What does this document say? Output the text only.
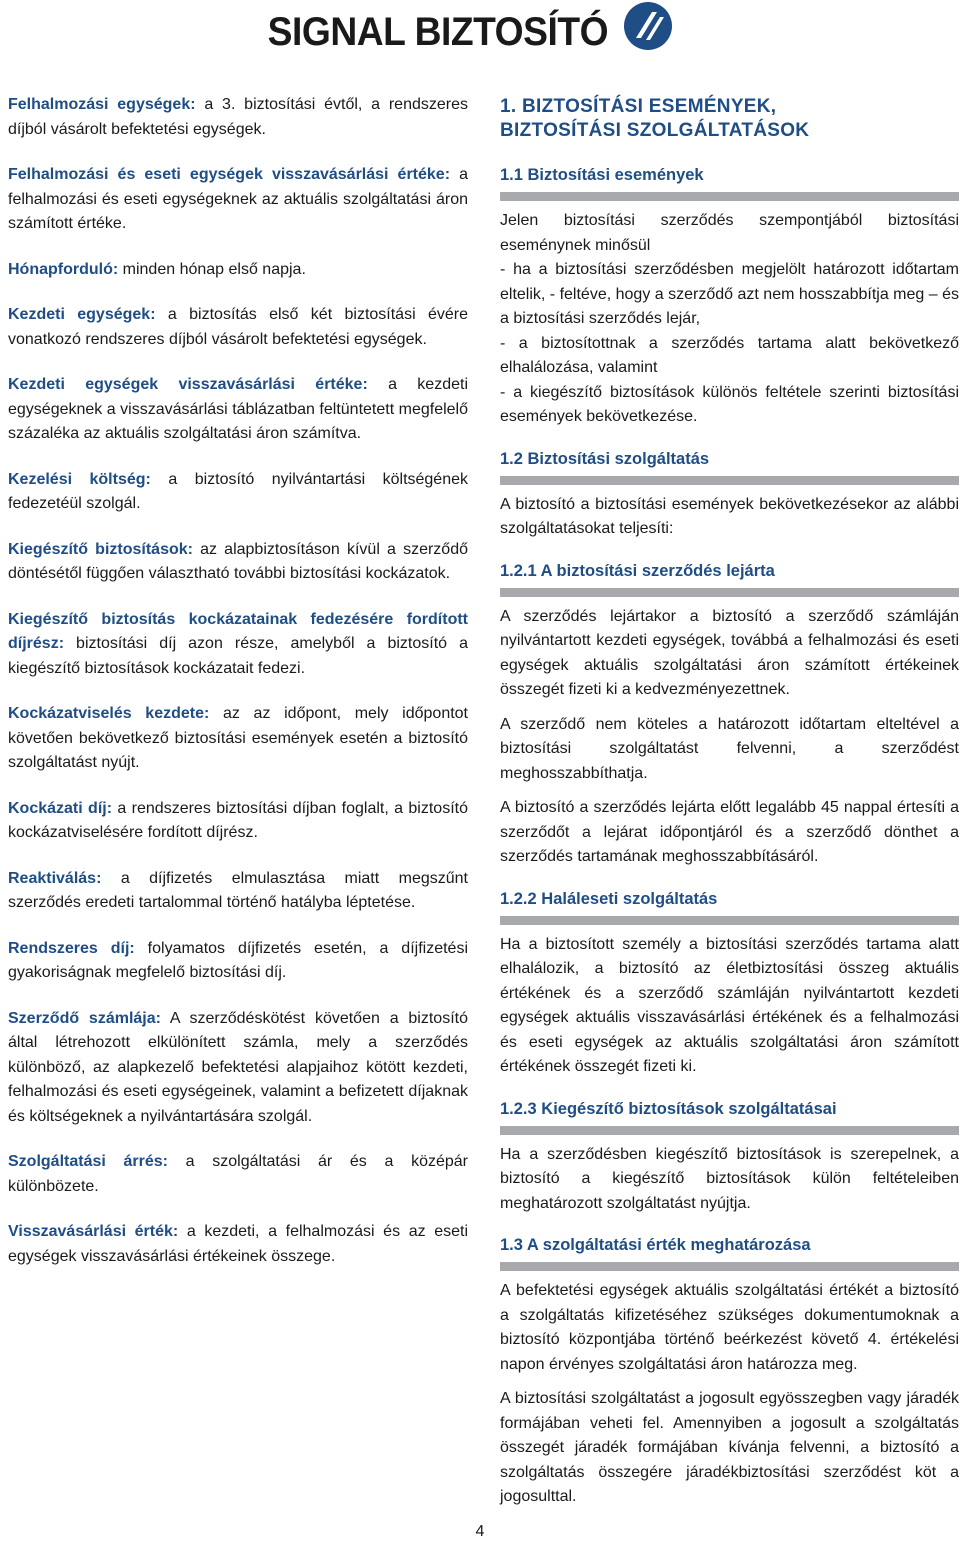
SIGNAL BIZTOSÍTÓ
Felhalmozási egységek: a 3. biztosítási évtől, a rendszeres díjból vásárolt befektetési egységek.
Felhalmozási és eseti egységek visszavásárlási értéke: a felhalmozási és eseti egységeknek az aktuális szolgáltatási áron számított értéke.
Hónapforduló: minden hónap első napja.
Kezdeti egységek: a biztosítás első két biztosítási évére vonatkozó rendszeres díjból vásárolt befektetési egységek.
Kezdeti egységek visszavásárlási értéke: a kezdeti egységeknek a visszavásárlási táblázatban feltüntetett megfelelő százaléka az aktuális szolgáltatási áron számítva.
Kezelési költség: a biztosító nyilvántartási költségének fedezetéül szolgál.
Kiegészítő biztosítások: az alapbiztosításon kívül a szerződő döntésétől függően választható további biztosítási kockázatok.
Kiegészítő biztosítás kockázatainak fedezésére fordított díjrész: biztosítási díj azon része, amelyből a biztosító a kiegészítő biztosítások kockázatait fedezi.
Kockázatviselés kezdete: az az időpont, mely időpontot követően bekövetkező biztosítási események esetén a biztosító szolgáltatást nyújt.
Kockázati díj: a rendszeres biztosítási díjban foglalt, a biztosító kockázatviselésére fordított díjrész.
Reaktiválás: a díjfizetés elmulasztása miatt megszűnt szerződés eredeti tartalommal történő hatályba léptetése.
Rendszeres díj: folyamatos díjfizetés esetén, a díjfizetési gyakoriságnak megfelelő biztosítási díj.
Szerződő számlája: A szerződéskötést követően a biztosító által létrehozott elkülönített számla, mely a szerződés különböző, az alapkezelő befektetési alapjaihoz kötött kezdeti, felhalmozási és eseti egységeinek, valamint a befizetett díjaknak és költségeknek a nyilvántartására szolgál.
Szolgáltatási árrés: a szolgáltatási ár és a középár különbözete.
Visszavásárlási érték: a kezdeti, a felhalmozási és az eseti egységek visszavásárlási értékeinek összege.
1. BIZTOSÍTÁSI ESEMÉNYEK,
BIZTOSÍTÁSI SZOLGÁLTATÁSOK
1.1 Biztosítási események
Jelen biztosítási szerződés szempontjából biztosítási eseménynek minősül
- ha a biztosítási szerződésben megjelölt határozott időtartam eltelik, - feltéve, hogy a szerződő azt nem hosszabbítja meg – és a biztosítási szerződés lejár,
- a biztosítottnak a szerződés tartama alatt bekövetkező elhalálozása, valamint
- a kiegészítő biztosítások különös feltétele szerinti biztosítási események bekövetkezése.
1.2 Biztosítási szolgáltatás
A biztosító a biztosítási események bekövetkezésekor az alábbi szolgáltatásokat teljesíti:
1.2.1 A biztosítási szerződés lejárta
A szerződés lejártakor a biztosító a szerződő számláján nyilvántartott kezdeti egységek, továbbá a felhalmozási és eseti egységek aktuális szolgáltatási áron számított értékeinek összegét fizeti ki a kedvezményezettnek.
A szerződő nem köteles a határozott időtartam elteltével a biztosítási szolgáltatást felvenni, a szerződést meghosszabbíthatja.
A biztosító a szerződés lejárta előtt legalább 45 nappal értesíti a szerződőt a lejárat időpontjáról és a szerződő dönthet a szerződés tartamának meghosszabbításáról.
1.2.2 Haláleseti szolgáltatás
Ha a biztosított személy a biztosítási szerződés tartama alatt elhalálozik, a biztosító az életbiztosítási összeg aktuális értékének és a szerződő számláján nyilvántartott kezdeti egységek aktuális visszavásárlási értékének és a felhalmozási és eseti egységek az aktuális szolgáltatási áron számított értékének összegét fizeti ki.
1.2.3 Kiegészítő biztosítások szolgáltatásai
Ha a szerződésben kiegészítő biztosítások is szerepelnek, a biztosító a kiegészítő biztosítások külön feltételeiben meghatározott szolgáltatást nyújtja.
1.3 A szolgáltatási érték meghatározása
A befektetési egységek aktuális szolgáltatási értékét a biztosító a szolgáltatás kifizetéséhez szükséges dokumentumoknak a biztosító központjába történő beérkezést követő 4. értékelési napon érvényes szolgáltatási áron határozza meg.
A biztosítási szolgáltatást a jogosult egyösszegben vagy járadék formájában veheti fel. Amennyiben a jogosult a szolgáltatás összegét járadék formájában kívánja felvenni, a biztosító a szolgáltatás összegére járadékbiztosítási szerződést köt a jogosulttal.
4
